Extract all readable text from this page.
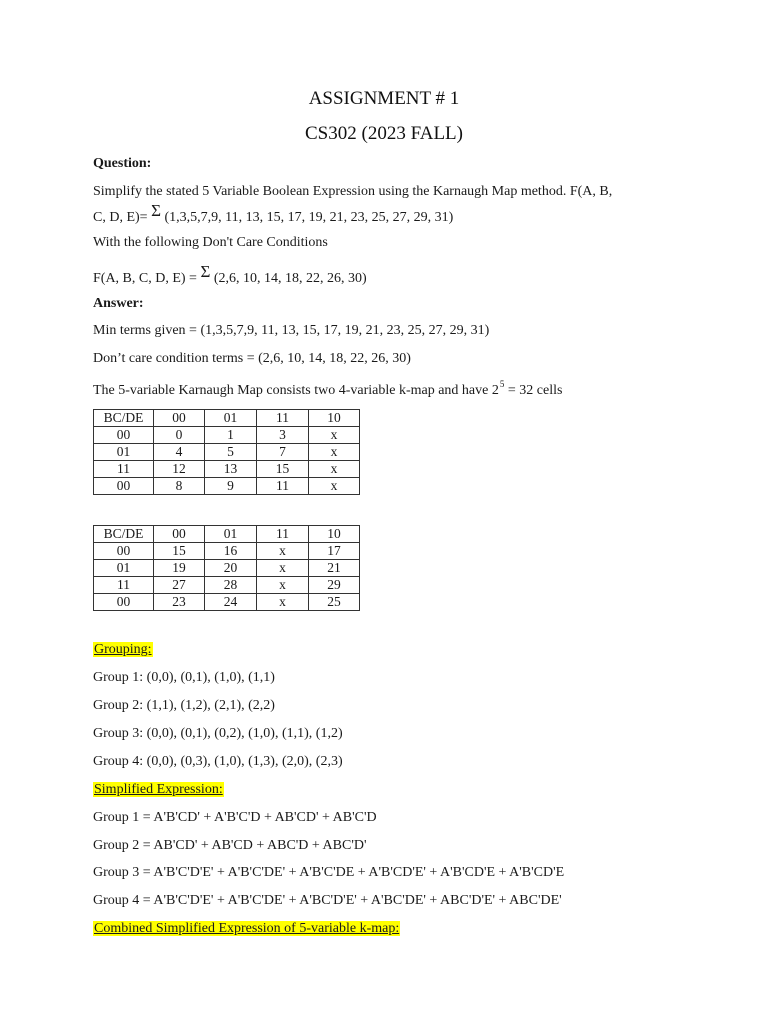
ASSIGNMENT # 1
CS302 (2023 FALL)
Question:
Simplify the stated 5 Variable Boolean Expression using the Karnaugh Map method. F(A, B,
C, D, E)= Σ (1,3,5,7,9, 11, 13, 15, 17, 19, 21, 23, 25, 27, 29, 31)
With the following Don't Care Conditions
F(A, B, C, D, E) = Σ (2,6, 10, 14, 18, 22, 26, 30)
Answer:
Min terms given = (1,3,5,7,9, 11, 13, 15, 17, 19, 21, 23, 25, 27, 29, 31)
Don’t care condition terms = (2,6, 10, 14, 18, 22, 26, 30)
The 5-variable Karnaugh Map consists two 4-variable k-map and have $2^5 = 32$ cells
BC/DE	00	01	11	10
00	0	1	3	x
01	4	5	7	x
11	12	13	15	x
00	8	9	11	x
BC/DE	00	01	11	10
00	15	16	x	17
01	19	20	x	21
11	27	28	x	29
00	23	24	x	25
Grouping:
Group 1: (0,0), (0,1), (1,0), (1,1)
Group 2: (1,1), (1,2), (2,1), (2,2)
Group 3: (0,0), (0,1), (0,2), (1,0), (1,1), (1,2)
Group 4: (0,0), (0,3), (1,0), (1,3), (2,0), (2,3)
Simplified Expression:
Group 1 = A'B'CD' + A'B'C'D + AB'CD' + AB'C'D
Group 2 = AB'CD' + AB'CD + ABC'D + ABC'D'
Group 3 = A'B'C'D'E' + A'B'C'DE' + A'B'C'DE + A'B'CD'E' + A'B'CD'E + A'B'CD'E
Group 4 = A'B'C'D'E' + A'B'C'DE' + A'BC'D'E' + A'BC'DE' + ABC'D'E' + ABC'DE'
Combined Simplified Expression of 5-variable k-map:
